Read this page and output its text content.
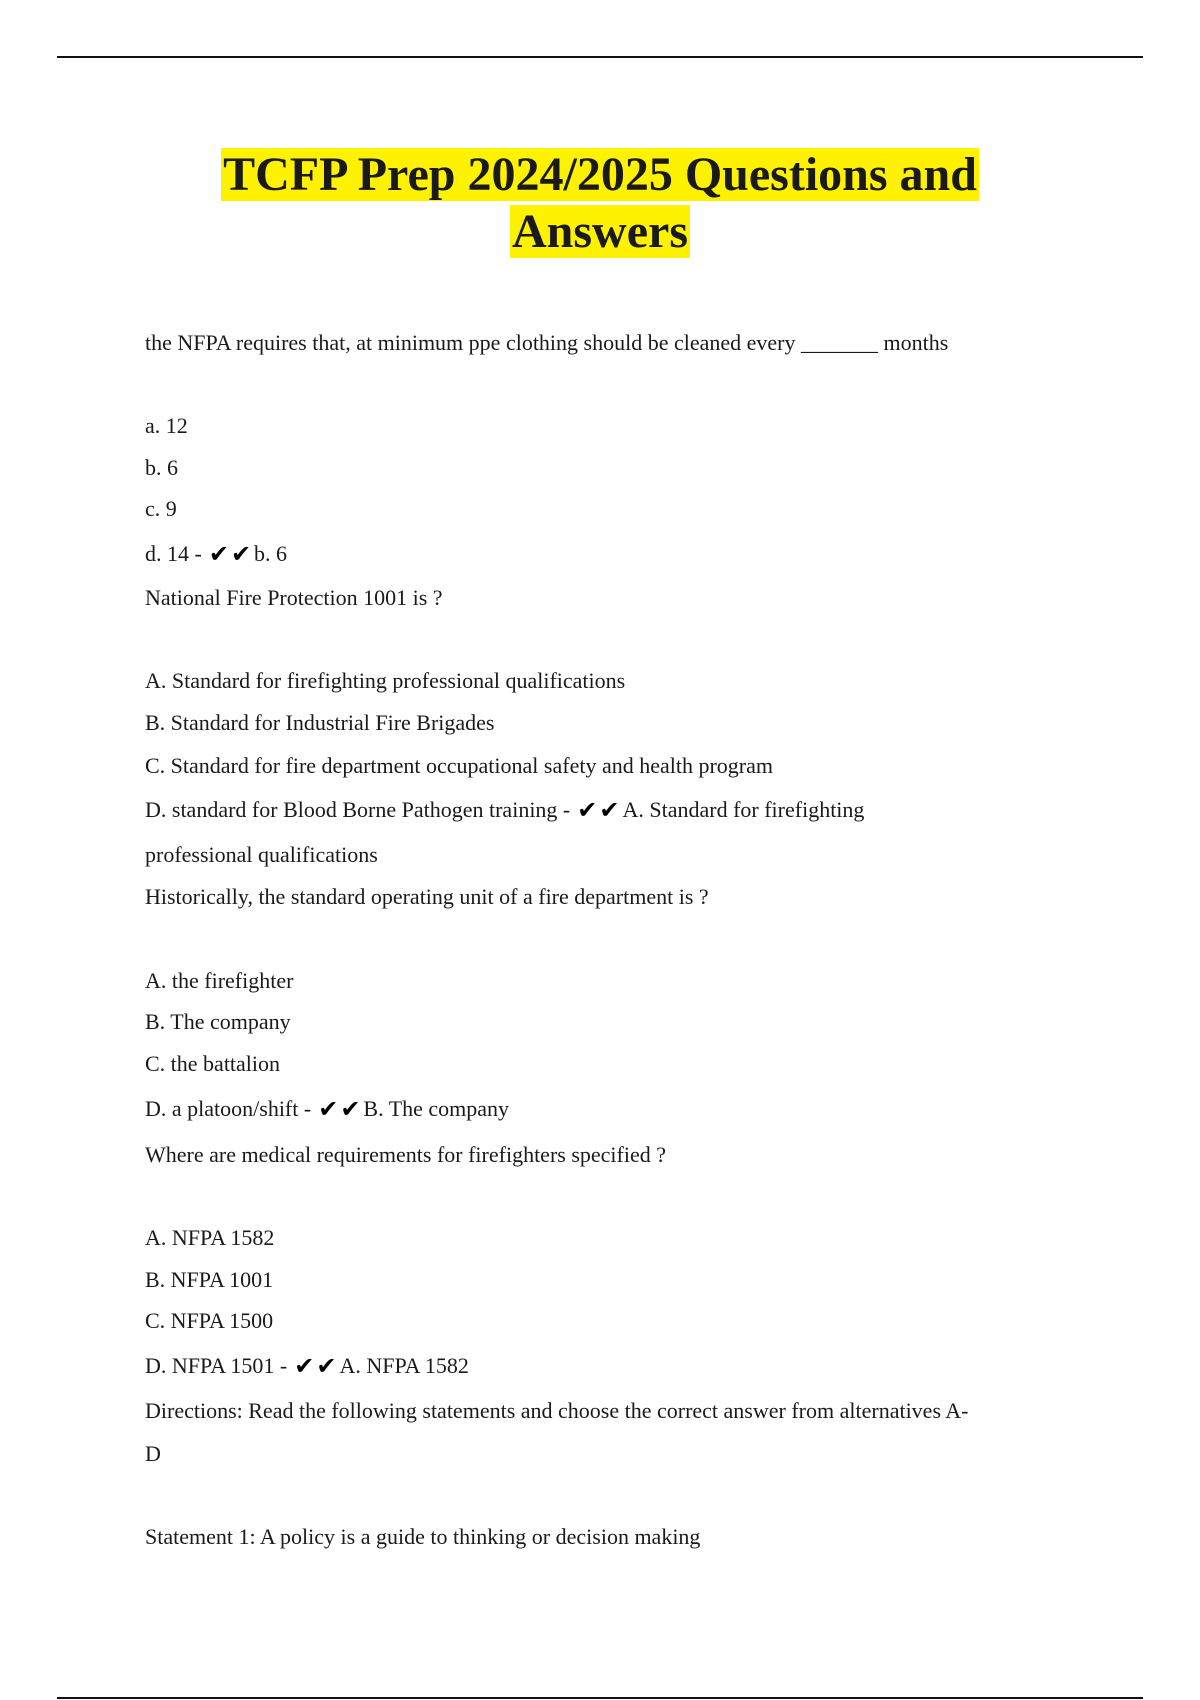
TCFP Prep 2024/2025 Questions and
Answers
the NFPA requires that, at minimum ppe clothing should be cleaned every _______ months
a. 12
b. 6
c. 9
d. 14 - ✔✔ b. 6
National Fire Protection 1001 is ?
A. Standard for firefighting professional qualifications
B. Standard for Industrial Fire Brigades
C. Standard for fire department occupational safety and health program
D. standard for Blood Borne Pathogen training - ✔✔ A. Standard for firefighting
professional qualifications
Historically, the standard operating unit of a fire department is ?
A. the firefighter
B. The company
C. the battalion
D. a platoon/shift - ✔✔ B. The company
Where are medical requirements for firefighters specified ?
A. NFPA 1582
B. NFPA 1001
C. NFPA 1500
D. NFPA 1501 - ✔✔ A. NFPA 1582
Directions: Read the following statements and choose the correct answer from alternatives A-
D
Statement 1: A policy is a guide to thinking or decision making
